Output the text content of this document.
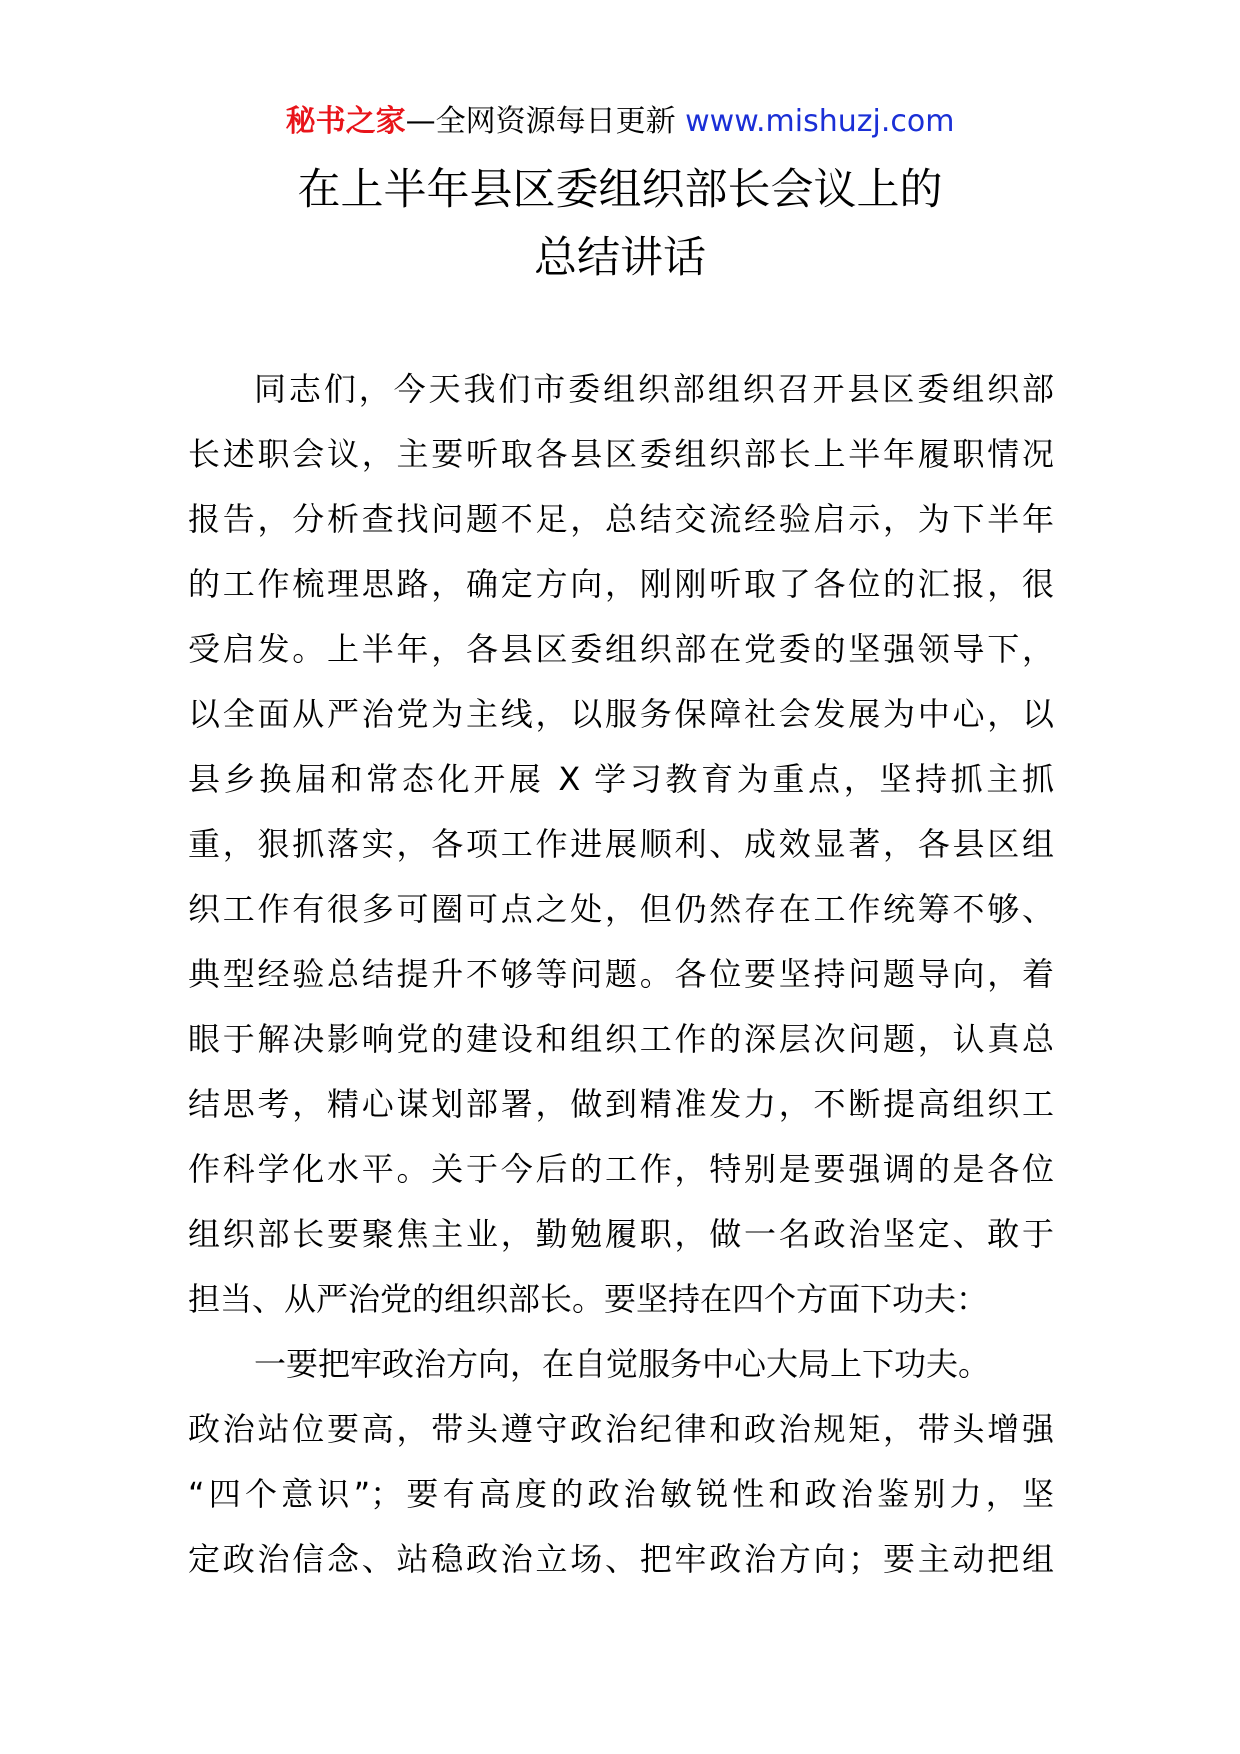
秘书之家—全网资源每日更新 www.mishuzj.com
在上半年县区委组织部长会议上的
总结讲话
同志们，今天我们市委组织部组织召开县区委组织部
长述职会议，主要听取各县区委组织部长上半年履职情况
报告，分析查找问题不足，总结交流经验启示，为下半年
的工作梳理思路，确定方向，刚刚听取了各位的汇报，很
受启发。上半年，各县区委组织部在党委的坚强领导下，
以全面从严治党为主线，以服务保障社会发展为中心，以
县乡换届和常态化开展 X 学习教育为重点，坚持抓主抓
重，狠抓落实，各项工作进展顺利、成效显著，各县区组
织工作有很多可圈可点之处，但仍然存在工作统筹不够、
典型经验总结提升不够等问题。各位要坚持问题导向，着
眼于解决影响党的建设和组织工作的深层次问题，认真总
结思考，精心谋划部署，做到精准发力，不断提高组织工
作科学化水平。关于今后的工作，特别是要强调的是各位
组织部长要聚焦主业，勤勉履职，做一名政治坚定、敢于
担当、从严治党的组织部长。要坚持在四个方面下功夫：
一要把牢政治方向，在自觉服务中心大局上下功夫。
政治站位要高，带头遵守政治纪律和政治规矩，带头增强
“四个意识”；要有高度的政治敏锐性和政治鉴别力，坚
定政治信念、站稳政治立场、把牢政治方向；要主动把组
